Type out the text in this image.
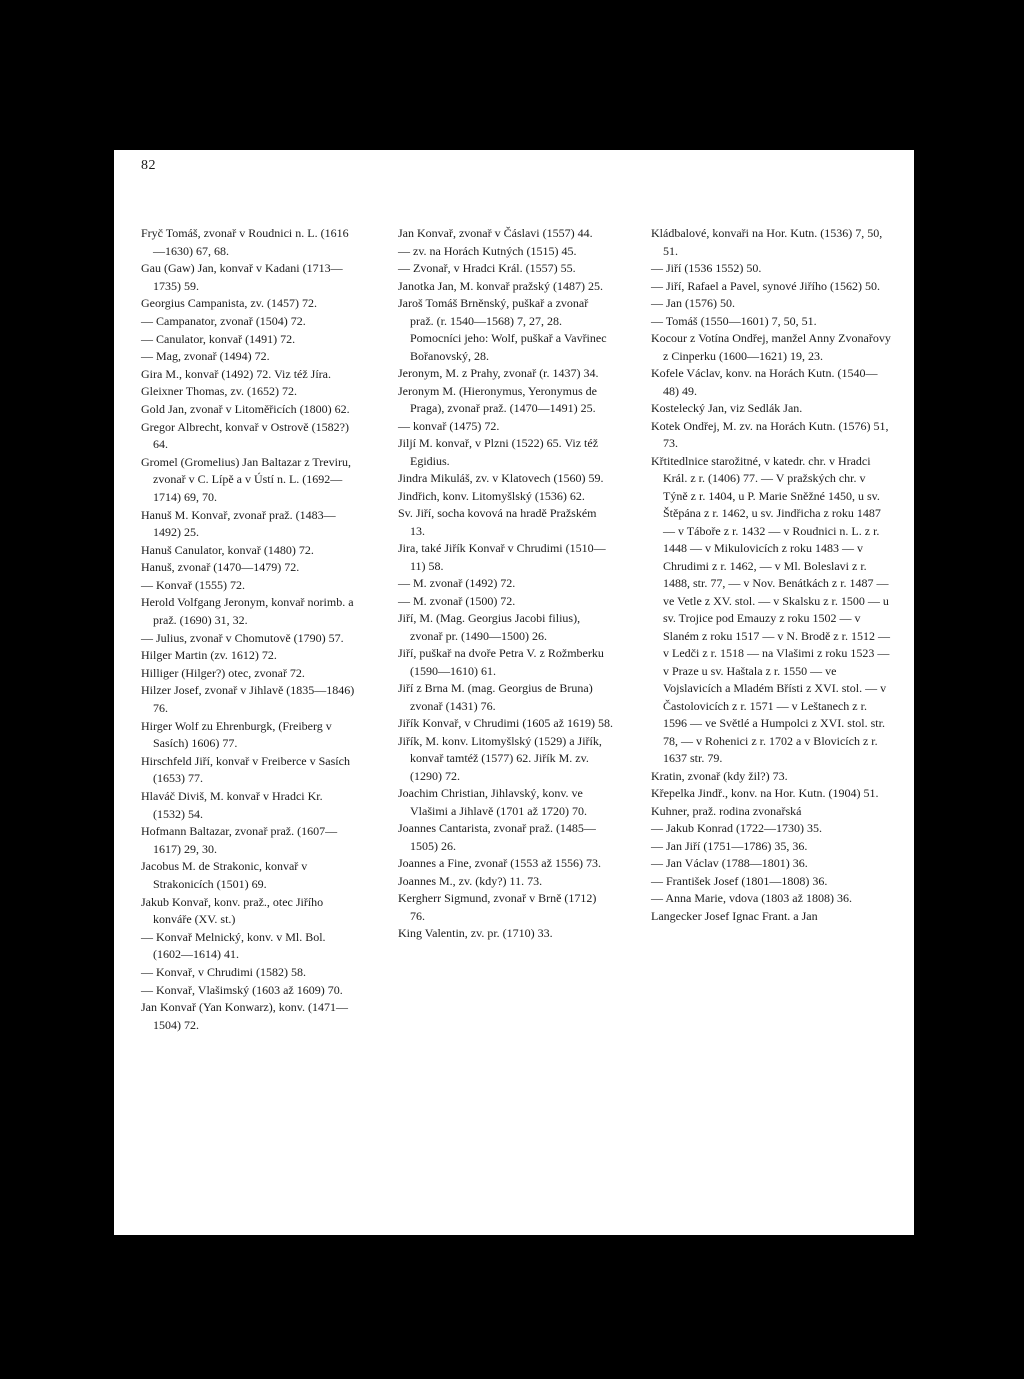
82

Fryč Tomáš, zvonař v Roudnici n. L. (1616—1630) 67, 68.

Gau (Gaw) Jan, konvař v Kadani (1713—1735) 59.

Georgius Campanista, zv. (1457) 72.

— Campanator, zvonař (1504) 72.

— Canulator, konvař (1491) 72.

— Mag, zvonař (1494) 72.

Gira M., konvař (1492) 72. Viz též Jíra.

Gleixner Thomas, zv. (1652) 72.

Gold Jan, zvonař v Litoměřicích (1800) 62.

Gregor Albrecht, konvař v Ostrově (1582?) 64.

Gromel (Gromelius) Jan Baltazar z Treviru, zvonař v C. Lípě a v Ústí n. L. (1692—1714) 69, 70.

Hanuš M. Konvař, zvonař praž. (1483—1492) 25.

Hanuš Canulator, konvař (1480) 72.

Hanuš, zvonař (1470—1479) 72.

— Konvař (1555) 72.

Herold Volfgang Jeronym, konvař norimb. a praž. (1690) 31, 32.

— Julius, zvonař v Chomutově (1790) 57.

Hilger Martin (zv. 1612) 72.

Hilliger (Hilger?) otec, zvonař 72.

Hilzer Josef, zvonař v Jihlavě (1835—1846) 76.

Hirger Wolf zu Ehrenburgk, (Freiberg v Sasích) 1606) 77.

Hirschfeld Jiří, konvař v Freiberce v Sasích (1653) 77.

Hlaváč Diviš, M. konvař v Hradci Kr. (1532) 54.

Hofmann Baltazar, zvonař praž. (1607—1617) 29, 30.

Jacobus M. de Strakonic, konvař v Strakonicích (1501) 69.

Jakub Konvař, konv. praž., otec Jiřího konváře (XV. st.)

— Konvař Melnický, konv. v Ml. Bol. (1602—1614) 41.

— Konvař, v Chrudimi (1582) 58.

— Konvař, Vlašimský (1603 až 1609) 70.

Jan Konvař (Yan Konwarz), konv. (1471—1504) 72.

Jan Konvař, zvonař v Čáslavi (1557) 44.

— zv. na Horách Kutných (1515) 45.

— Zvonař, v Hradci Král. (1557) 55.

Janotka Jan, M. konvař pražský (1487) 25.

Jaroš Tomáš Brněnský, puškař a zvonař praž. (r. 1540—1568) 7, 27, 28. Pomocníci jeho: Wolf, puškař a Vavřinec Bořanovský, 28.

Jeronym, M. z Prahy, zvonař (r. 1437) 34.

Jeronym M. (Hieronymus, Yeronymus de Praga), zvonař praž. (1470—1491) 25.

— konvař (1475) 72.

Jiljí M. konvař, v Plzni (1522) 65. Viz též Egidius.

Jindra Mikuláš, zv. v Klatovech (1560) 59.

Jindřich, konv. Litomyšlský (1536) 62.

Sv. Jiří, socha kovová na hradě Pražském 13.

Jira, také Jiřík Konvař v Chrudimi (1510—11) 58.

— M. zvonař (1492) 72.

— M. zvonař (1500) 72.

Jiří, M. (Mag. Georgius Jacobi filius), zvonař pr. (1490—1500) 26.

Jiří, puškař na dvoře Petra V. z Rožmberku (1590—1610) 61.

Jiří z Brna M. (mag. Georgius de Bruna) zvonař (1431) 76.

Jiřík Konvař, v Chrudimi (1605 až 1619) 58.

Jiřík, M. konv. Litomyšlský (1529) a Jiřík, konvař tamtéž (1577) 62. Jiřík M. zv. (1290) 72.

Joachim Christian, Jihlavský, konv. ve Vlašimi a Jihlavě (1701 až 1720) 70.

Joannes Cantarista, zvonař praž. (1485—1505) 26.

Joannes a Fine, zvonař (1553 až 1556) 73.

Joannes M., zv. (kdy?) 11. 73.

Kergherr Sigmund, zvonař v Brně (1712) 76.

King Valentin, zv. pr. (1710) 33.

Kládbalové, konvaři na Hor. Kutn. (1536) 7, 50, 51.

— Jiří (1536 1552) 50.

— Jiří, Rafael a Pavel, synové Jiřího (1562) 50.

— Jan (1576) 50.

— Tomáš (1550—1601) 7, 50, 51.

Kocour z Votína Ondřej, manžel Anny Zvonařovy z Cinperku (1600—1621) 19, 23.

Kofele Václav, konv. na Horách Kutn. (1540—48) 49.

Kostelecký Jan, viz Sedlák Jan.

Kotek Ondřej, M. zv. na Horách Kutn. (1576) 51, 73.

Křtitedlnice starožitné, v katedr. chr. v Hradci Král. z r. (1406) 77. — V pražských chr. v Týně z r. 1404, u P. Marie Sněžné 1450, u sv. Štěpána z r. 1462, u sv. Jindřicha z roku 1487 — v Táboře z r. 1432 — v Roudnici n. L. z r. 1448 — v Mikulovicích z roku 1483 — v Chrudimi z r. 1462, — v Ml. Boleslavi z r. 1488, str. 77, — v Nov. Benátkách z r. 1487 — ve Vetle z XV. stol. — v Skalsku z r. 1500 — u sv. Trojice pod Emauzy z roku 1502 — v Slaném z roku 1517 — v N. Brodě z r. 1512 — v Ledči z r. 1518 — na Vlašimi z roku 1523 — v Praze u sv. Haštala z r. 1550 — ve Vojslavicích a Mladém Břísti z XVI. stol. — v Častolovicích z r. 1571 — v Leštanech z r. 1596 — ve Světlé a Humpolci z XVI. stol. str. 78, — v Rohenici z r. 1702 a v Blovicích z r. 1637 str. 79.

Kratin, zvonař (kdy žil?) 73.

Křepelka Jindř., konv. na Hor. Kutn. (1904) 51.

Kuhner, praž. rodina zvonařská

— Jakub Konrad (1722—1730) 35.

— Jan Jiří (1751—1786) 35, 36.

— Jan Václav (1788—1801) 36.

— František Josef (1801—1808) 36.

— Anna Marie, vdova (1803 až 1808) 36.

Langecker Josef Ignac Frant. a Jan
